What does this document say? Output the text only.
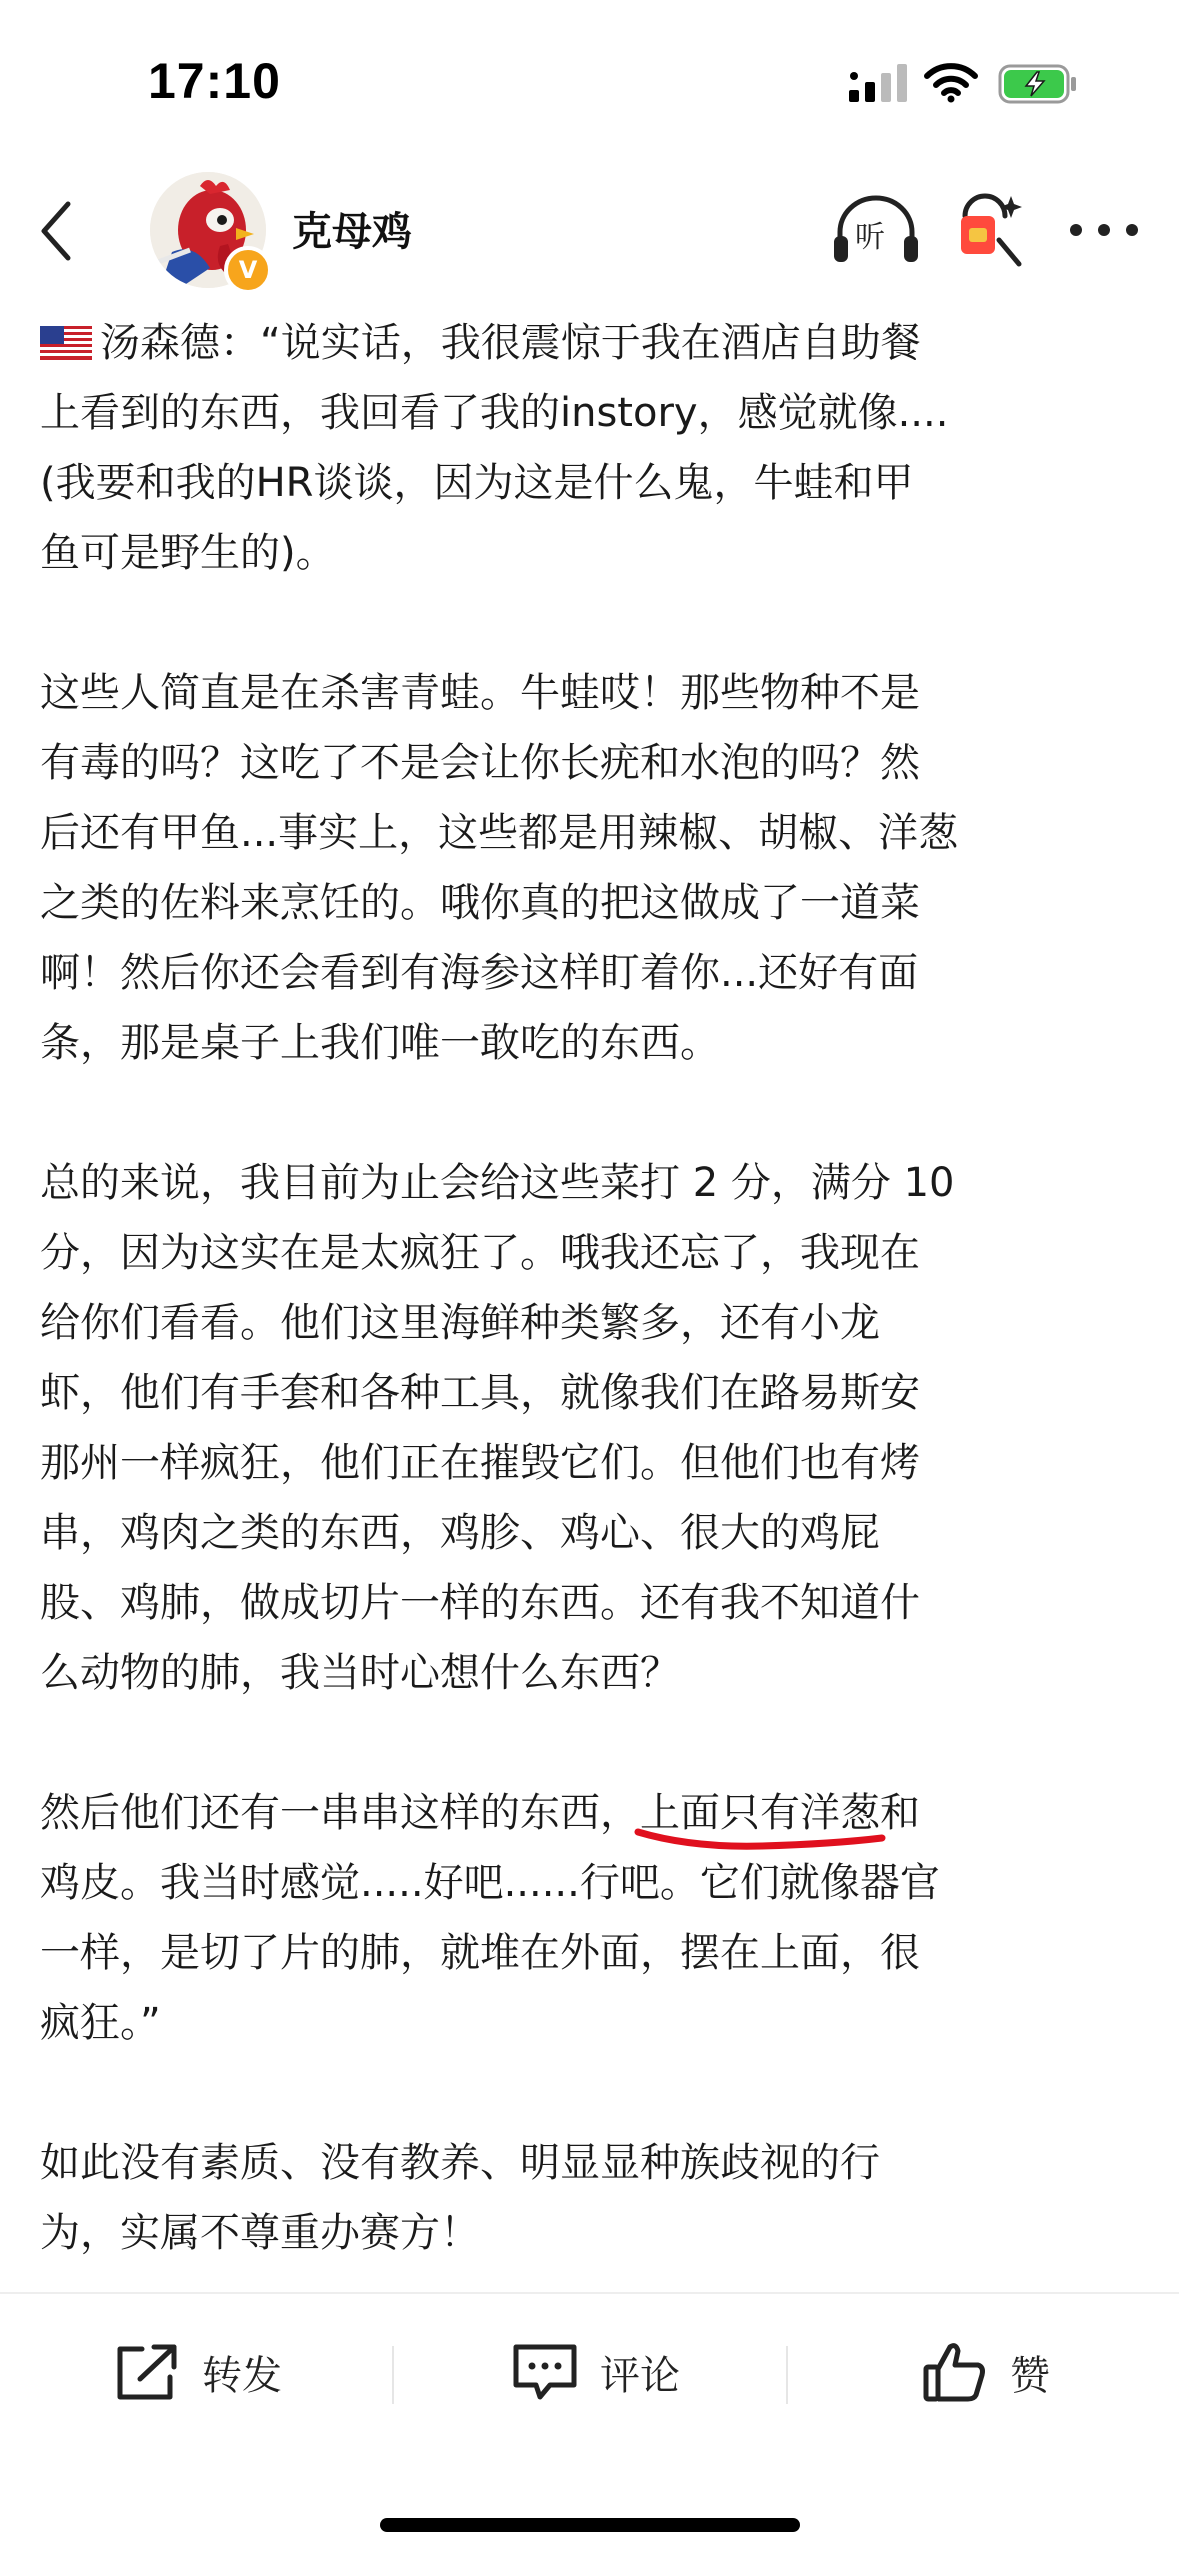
17:10
V
克母鸡	听

汤森德：“说实话，我很震惊于我在酒店自助餐

上看到的东西，我回看了我的instory，感觉就像....

(我要和我的HR谈谈，因为这是什么鬼，牛蛙和甲

鱼可是野生的)。

这些人简直是在杀害青蛙。牛蛙哎！那些物种不是

有毒的吗？这吃了不是会让你长疣和水泡的吗？然

后还有甲鱼...事实上，这些都是用辣椒、胡椒、洋葱

之类的佐料来烹饪的。哦你真的把这做成了一道菜

啊！然后你还会看到有海参这样盯着你...还好有面

条，那是桌子上我们唯一敢吃的东西。

总的来说，我目前为止会给这些菜打 2 分，满分 10

分，因为这实在是太疯狂了。哦我还忘了，我现在

给你们看看。他们这里海鲜种类繁多，还有小龙

虾，他们有手套和各种工具，就像我们在路易斯安

那州一样疯狂，他们正在摧毁它们。但他们也有烤

串，鸡肉之类的东西，鸡胗、鸡心、很大的鸡屁

股、鸡肺，做成切片一样的东西。还有我不知道什

么动物的肺，我当时心想什么东西？

然后他们还有一串串这样的东西，上面只有洋葱和

鸡皮。我当时感觉.....好吧......行吧。它们就像器官

一样，是切了片的肺，就堆在外面，摆在上面，很

疯狂。”

如此没有素质、没有教养、明显显种族歧视的行

为，实属不尊重办赛方！

转发	评论	赞
